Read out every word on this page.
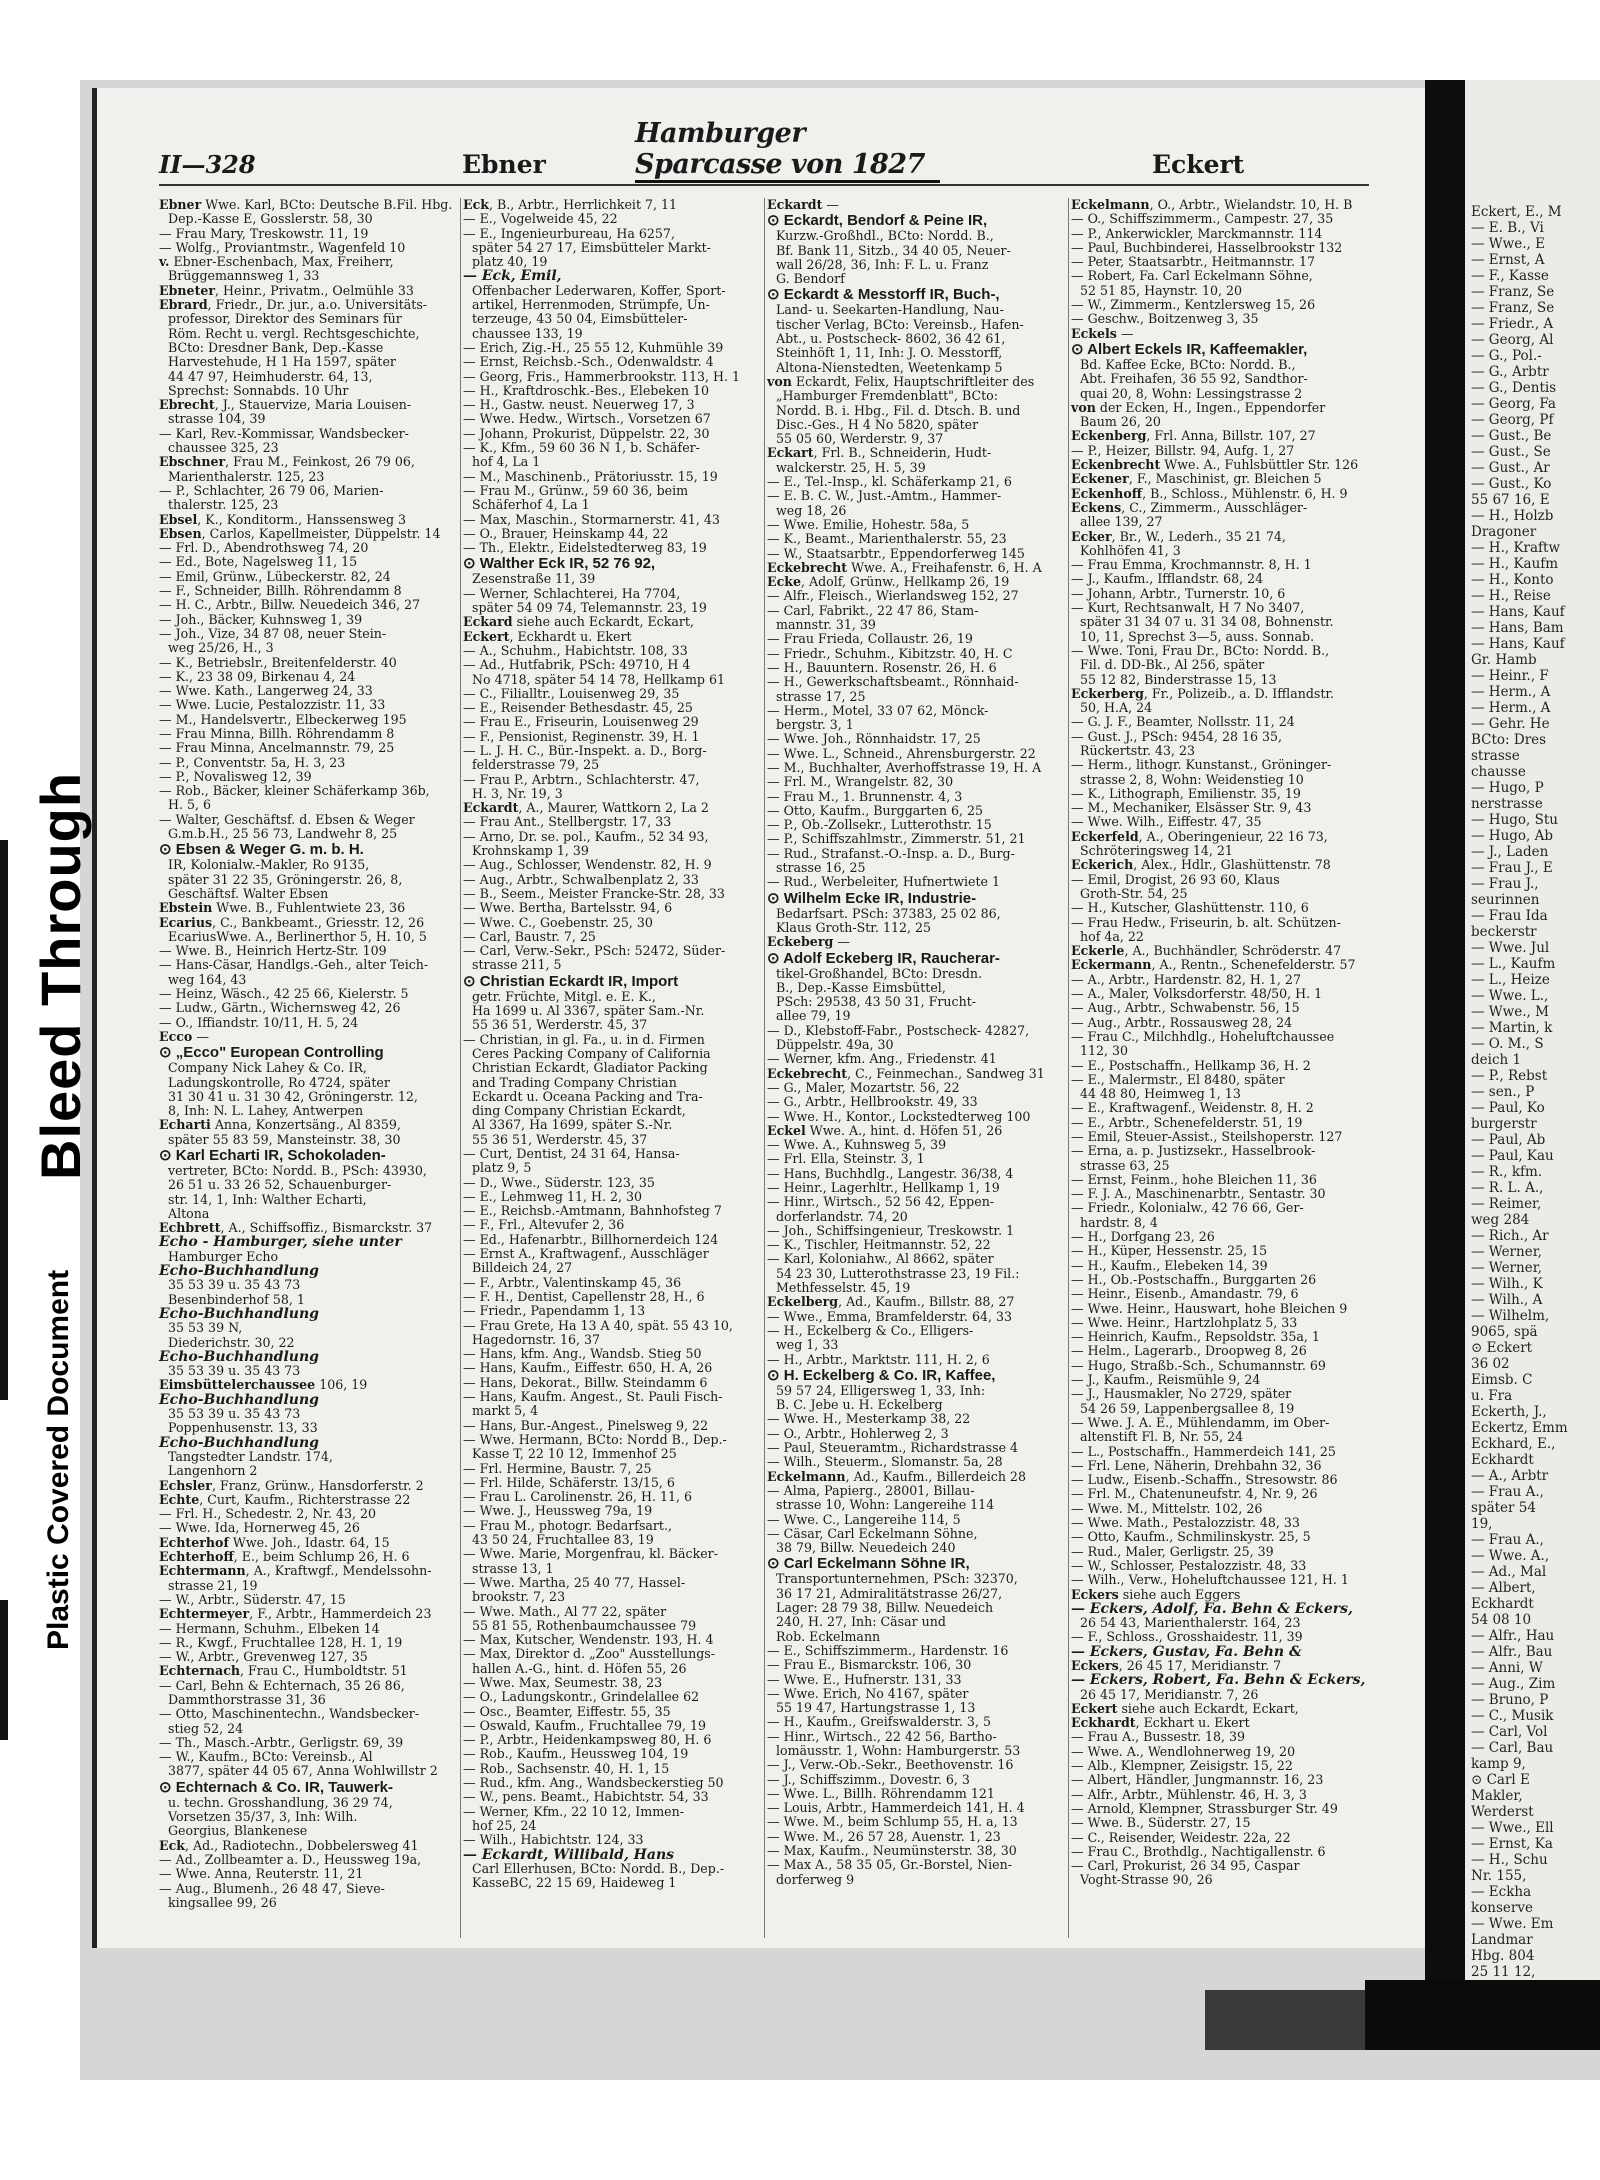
Bleed Through
Plastic Covered Document
II—328	Ebner
Hamburger Sparcasse von 1827	Eckert
Ebner Wwe. Karl, BCto: Deutsche B.Fil. Hbg.
Dep.-Kasse E, Gosslerstr. 58, 30
— Frau Mary, Treskowstr. 11, 19
— Wolfg., Proviantmstr., Wagenfeld 10
v. Ebner-Eschenbach, Max, Freiherr,
Brüggemannsweg 1, 33
Ebneter, Heinr., Privatm., Oelmühle 33
Ebrard, Friedr., Dr. jur., a.o. Universitäts-
professor, Direktor des Seminars für
Röm. Recht u. vergl. Rechtsgeschichte,
BCto: Dresdner Bank, Dep.-Kasse
Harvestehude, H 1 Ha 1597, später
44 47 97, Heimhuderstr. 64, 13,
Sprechst: Sonnabds. 10 Uhr
Ebrecht, J., Stauervize, Maria Louisen-
strasse 104, 39
— Karl, Rev.-Kommissar, Wandsbecker-
chaussee 325, 23
Ebschner, Frau M., Feinkost, 26 79 06,
Marienthalerstr. 125, 23
— P., Schlachter, 26 79 06, Marien-
thalerstr. 125, 23
Ebsel, K., Konditorm., Hanssensweg 3
Ebsen, Carlos, Kapellmeister, Düppelstr. 14
— Frl. D., Abendrothsweg 74, 20
— Ed., Bote, Nagelsweg 11, 15
— Emil, Grünw., Lübeckerstr. 82, 24
— F., Schneider, Billh. Röhrendamm 8
— H. C., Arbtr., Billw. Neuedeich 346, 27
— Joh., Bäcker, Kuhnsweg 1, 39
— Joh., Vize, 34 87 08, neuer Stein-
weg 25/26, H., 3
— K., Betriebslr., Breitenfelderstr. 40
— K., 23 38 09, Birkenau 4, 24
— Wwe. Kath., Langerweg 24, 33
— Wwe. Lucie, Pestalozzistr. 11, 33
— M., Handelsvertr., Elbeckerweg 195
— Frau Minna, Billh. Röhrendamm 8
— Frau Minna, Ancelmannstr. 79, 25
— P., Conventstr. 5a, H. 3, 23
— P., Novalisweg 12, 39
— Rob., Bäcker, kleiner Schäferkamp 36b,
H. 5, 6
— Walter, Geschäftsf. d. Ebsen & Weger
G.m.b.H., 25 56 73, Landwehr 8, 25
⊙ Ebsen & Weger G. m. b. H.
IR, Kolonialw.-Makler, Ro 9135,
später 31 22 35, Gröningerstr. 26, 8,
Geschäftsf. Walter Ebsen
Ebstein Wwe. B., Fuhlentwiete 23, 36
Ecarius, C., Bankbeamt., Griesstr. 12, 26
EcariusWwe. A., Berlinerthor 5, H. 10, 5
— Wwe. B., Heinrich Hertz-Str. 109
— Hans-Cäsar, Handlgs.-Geh., alter Teich-
weg 164, 43
— Heinz, Wäsch., 42 25 66, Kielerstr. 5
— Ludw., Gärtn., Wichernsweg 42, 26
— O., Iffiandstr. 10/11, H. 5, 24
Ecco —
⊙ „Ecco" European Controlling
Company Nick Lahey & Co. IR,
Ladungskontrolle, Ro 4724, später
31 30 41 u. 31 30 42, Gröningerstr. 12,
8, Inh: N. L. Lahey, Antwerpen
Echarti Anna, Konzertsäng., Al 8359,
später 55 83 59, Mansteinstr. 38, 30
⊙ Karl Echarti IR, Schokoladen-
vertreter, BCto: Nordd. B., PSch: 43930,
26 51 u. 33 26 52, Schauenburger-
str. 14, 1, Inh: Walther Echarti,
Altona
Echbrett, A., Schiffsoffiz., Bismarckstr. 37
Echo - Hamburger, siehe unter
Hamburger Echo
Echo-Buchhandlung
35 53 39 u. 35 43 73
Besenbinderhof 58, 1
Echo-Buchhandlung
35 53 39 N,
Diederichstr. 30, 22
Echo-Buchhandlung
35 53 39 u. 35 43 73
Eimsbüttelerchaussee 106, 19
Echo-Buchhandlung
35 53 39 u. 35 43 73
Poppenhusenstr. 13, 33
Echo-Buchhandlung
Tangstedter Landstr. 174,
Langenhorn 2
Echsler, Franz, Grünw., Hansdorferstr. 2
Echte, Curt, Kaufm., Richterstrasse 22
— Frl. H., Schedestr. 2, Nr. 43, 20
— Wwe. Ida, Hornerweg 45, 26
Echterhof Wwe. Joh., Idastr. 64, 15
Echterhoff, E., beim Schlump 26, H. 6
Echtermann, A., Kraftwgf., Mendelssohn-
strasse 21, 19
— W., Arbtr., Süderstr. 47, 15
Echtermeyer, F., Arbtr., Hammerdeich 23
— Hermann, Schuhm., Elbeken 14
— R., Kwgf., Fruchtallee 128, H. 1, 19
— W., Arbtr., Grevenweg 127, 35
Echternach, Frau C., Humboldtstr. 51
— Carl, Behn & Echternach, 35 26 86,
Dammthorstrasse 31, 36
— Otto, Maschinentechn., Wandsbecker-
stieg 52, 24
— Th., Masch.-Arbtr., Gerligstr. 69, 39
— W., Kaufm., BCto: Vereinsb., Al
3877, später 44 05 67, Anna Wohlwillstr 2
⊙ Echternach & Co. IR, Tauwerk-
u. techn. Grosshandlung, 36 29 74,
Vorsetzen 35/37, 3, Inh: Wilh.
Georgius, Blankenese
Eck, Ad., Radiotechn., Dobbelersweg 41
— Ad., Zollbeamter a. D., Heussweg 19a,
— Wwe. Anna, Reuterstr. 11, 21
— Aug., Blumenh., 26 48 47, Sieve-
kingsallee 99, 26
Eck, B., Arbtr., Herrlichkeit 7, 11
— E., Vogelweide 45, 22
— E., Ingenieurbureau, Ha 6257,
später 54 27 17, Eimsbütteler Markt-
platz 40, 19
— Eck, Emil,
Offenbacher Lederwaren, Koffer, Sport-
artikel, Herrenmoden, Strümpfe, Un-
terzeuge, 43 50 04, Eimsbütteler-
chaussee 133, 19
— Erich, Zig.-H., 25 55 12, Kuhmühle 39
— Ernst, Reichsb.-Sch., Odenwaldstr. 4
— Georg, Fris., Hammerbrookstr. 113, H. 1
— H., Kraftdroschk.-Bes., Elebeken 10
— H., Gastw. neust. Neuerweg 17, 3
— Wwe. Hedw., Wirtsch., Vorsetzen 67
— Johann, Prokurist, Düppelstr. 22, 30
— K., Kfm., 59 60 36 N 1, b. Schäfer-
hof 4, La 1
— M., Maschinenb., Prätoriusstr. 15, 19
— Frau M., Grünw., 59 60 36, beim
Schäferhof 4, La 1
— Max, Maschin., Stormarnerstr. 41, 43
— O., Brauer, Heinskamp 44, 22
— Th., Elektr., Eidelstedterweg 83, 19
⊙ Walther Eck IR, 52 76 92,
Zesenstraße 11, 39
— Werner, Schlachterei, Ha 7704,
später 54 09 74, Telemannstr. 23, 19
Eckard siehe auch Eckardt, Eckart,
Eckert, Eckhardt u. Ekert
— A., Schuhm., Habichtstr. 108, 33
— Ad., Hutfabrik, PSch: 49710, H 4
No 4718, später 54 14 78, Hellkamp 61
— C., Filialltr., Louisenweg 29, 35
— E., Reisender Bethesdastr. 45, 25
— Frau E., Friseurin, Louisenweg 29
— F., Pensionist, Reginenstr. 39, H. 1
— L. J. H. C., Bür.-Inspekt. a. D., Borg-
felderstrasse 79, 25
— Frau P., Arbtrn., Schlachterstr. 47,
H. 3, Nr. 19, 3
Eckardt, A., Maurer, Wattkorn 2, La 2
— Frau Ant., Stellbergstr. 17, 33
— Arno, Dr. se. pol., Kaufm., 52 34 93,
Krohnskamp 1, 39
— Aug., Schlosser, Wendenstr. 82, H. 9
— Aug., Arbtr., Schwalbenplatz 2, 33
— B., Seem., Meister Francke-Str. 28, 33
— Wwe. Bertha, Bartelsstr. 94, 6
— Wwe. C., Goebenstr. 25, 30
— Carl, Baustr. 7, 25
— Carl, Verw.-Sekr., PSch: 52472, Süder-
strasse 211, 5
⊙ Christian Eckardt IR, Import
getr. Früchte, Mitgl. e. E. K.,
Ha 1699 u. Al 3367, später Sam.-Nr.
55 36 51, Werderstr. 45, 37
— Christian, in gl. Fa., u. in d. Firmen
Ceres Packing Company of California
Christian Eckardt, Gladiator Packing
and Trading Company Christian
Eckardt u. Oceana Packing and Tra-
ding Company Christian Eckardt,
Al 3367, Ha 1699, später S.-Nr.
55 36 51, Werderstr. 45, 37
— Curt, Dentist, 24 31 64, Hansa-
platz 9, 5
— D., Wwe., Süderstr. 123, 35
— E., Lehmweg 11, H. 2, 30
— E., Reichsb.-Amtmann, Bahnhofsteg 7
— F., Frl., Altevufer 2, 36
— Ed., Hafenarbtr., Billhornerdeich 124
— Ernst A., Kraftwagenf., Ausschläger
Billdeich 24, 27
— F., Arbtr., Valentinskamp 45, 36
— F. H., Dentist, Capellenstr 28, H., 6
— Friedr., Papendamm 1, 13
— Frau Grete, Ha 13 A 40, spät. 55 43 10,
Hagedornstr. 16, 37
— Hans, kfm. Ang., Wandsb. Stieg 50
— Hans, Kaufm., Eiffestr. 650, H. A, 26
— Hans, Dekorat., Billw. Steindamm 6
— Hans, Kaufm. Angest., St. Pauli Fisch-
markt 5, 4
— Hans, Bur.-Angest., Pinelsweg 9, 22
— Wwe. Hermann, BCto: Nordd B., Dep.-
Kasse T, 22 10 12, Immenhof 25
— Frl. Hermine, Baustr. 7, 25
— Frl. Hilde, Schäferstr. 13/15, 6
— Frau L. Carolinenstr. 26, H. 11, 6
— Wwe. J., Heussweg 79a, 19
— Frau M., photogr. Bedarfsart.,
43 50 24, Fruchtallee 83, 19
— Wwe. Marie, Morgenfrau, kl. Bäcker-
strasse 13, 1
— Wwe. Martha, 25 40 77, Hassel-
brookstr. 7, 23
— Wwe. Math., Al 77 22, später
55 81 55, Rothenbaumchaussee 79
— Max, Kutscher, Wendenstr. 193, H. 4
— Max, Direktor d. „Zoo" Ausstellungs-
hallen A.-G., hint. d. Höfen 55, 26
— Wwe. Max, Seumestr. 38, 23
— O., Ladungskontr., Grindelallee 62
— Osc., Beamter, Eiffestr. 55, 35
— Oswald, Kaufm., Fruchtallee 79, 19
— P., Arbtr., Heidenkampsweg 80, H. 6
— Rob., Kaufm., Heussweg 104, 19
— Rob., Sachsenstr. 40, H. 1, 15
— Rud., kfm. Ang., Wandsbeckerstieg 50
— W., pens. Beamt., Habichtstr. 54, 33
— Werner, Kfm., 22 10 12, Immen-
hof 25, 24
— Wilh., Habichtstr. 124, 33
— Eckardt, Willibald, Hans
Carl Ellerhusen, BCto: Nordd. B., Dep.-
KasseBC, 22 15 69, Haideweg 1
Eckardt —
⊙ Eckardt, Bendorf & Peine IR,
Kurzw.-Großhdl., BCto: Nordd. B.,
Bf. Bank 11, Sitzb., 34 40 05, Neuer-
wall 26/28, 36, Inh: F. L. u. Franz
G. Bendorf
⊙ Eckardt & Messtorff IR, Buch-,
Land- u. Seekarten-Handlung, Nau-
tischer Verlag, BCto: Vereinsb., Hafen-
Abt., u. Postscheck- 8602, 36 42 61,
Steinhöft 1, 11, Inh: J. O. Messtorff,
Altona-Nienstedten, Weetenkamp 5
von Eckardt, Felix, Hauptschriftleiter des
„Hamburger Fremdenblatt", BCto:
Nordd. B. i. Hbg., Fil. d. Dtsch. B. und
Disc.-Ges., H 4 No 5820, später
55 05 60, Werderstr. 9, 37
Eckart, Frl. B., Schneiderin, Hudt-
walckerstr. 25, H. 5, 39
— E., Tel.-Insp., kl. Schäferkamp 21, 6
— E. B. C. W., Just.-Amtm., Hammer-
weg 18, 26
— Wwe. Emilie, Hohestr. 58a, 5
— K., Beamt., Marienthalerstr. 55, 23
— W., Staatsarbtr., Eppendorferweg 145
Eckebrecht Wwe. A., Freihafenstr. 6, H. A
Ecke, Adolf, Grünw., Hellkamp 26, 19
— Alfr., Fleisch., Wierlandsweg 152, 27
— Carl, Fabrikt., 22 47 86, Stam-
mannstr. 31, 39
— Frau Frieda, Collaustr. 26, 19
— Friedr., Schuhm., Kibitzstr. 40, H. C
— H., Bauuntern. Rosenstr. 26, H. 6
— H., Gewerkschaftsbeamt., Rönnhaid-
strasse 17, 25
— Herm., Motel, 33 07 62, Mönck-
bergstr. 3, 1
— Wwe. Joh., Rönnhaidstr. 17, 25
— Wwe. L., Schneid., Ahrensburgerstr. 22
— M., Buchhalter, Averhoffstrasse 19, H. A
— Frl. M., Wrangelstr. 82, 30
— Frau M., 1. Brunnenstr. 4, 3
— Otto, Kaufm., Burggarten 6, 25
— P., Ob.-Zollsekr., Lutterothstr. 15
— P., Schiffszahlmstr., Zimmerstr. 51, 21
— Rud., Strafanst.-O.-Insp. a. D., Burg-
strasse 16, 25
— Rud., Werbeleiter, Hufnertwiete 1
⊙ Wilhelm Ecke IR, Industrie-
Bedarfsart. PSch: 37383, 25 02 86,
Klaus Groth-Str. 112, 25
Eckeberg —
⊙ Adolf Eckeberg IR, Raucherar-
tikel-Großhandel, BCto: Dresdn.
B., Dep.-Kasse Eimsbüttel,
PSch: 29538, 43 50 31, Frucht-
allee 79, 19
— D., Klebstoff-Fabr., Postscheck- 42827,
Düppelstr. 49a, 30
— Werner, kfm. Ang., Friedenstr. 41
Eckebrecht, C., Feinmechan., Sandweg 31
— G., Maler, Mozartstr. 56, 22
— G., Arbtr., Hellbrookstr. 49, 33
— Wwe. H., Kontor., Lockstedterweg 100
Eckel Wwe. A., hint. d. Höfen 51, 26
— Wwe. A., Kuhnsweg 5, 39
— Frl. Ella, Steinstr. 3, 1
— Hans, Buchhdlg., Langestr. 36/38, 4
— Heinr., Lagerhltr., Hellkamp 1, 19
— Hinr., Wirtsch., 52 56 42, Eppen-
dorferlandstr. 74, 20
— Joh., Schiffsingenieur, Treskowstr. 1
— K., Tischler, Heitmannstr. 52, 22
— Karl, Koloniahw., Al 8662, später
54 23 30, Lutterothstrasse 23, 19 Fil.:
Methfesselstr. 45, 19
Eckelberg, Ad., Kaufm., Billstr. 88, 27
— Wwe., Emma, Bramfelderstr. 64, 33
— H., Eckelberg & Co., Elligers-
weg 1, 33
— H., Arbtr., Marktstr. 111, H. 2, 6
⊙ H. Eckelberg & Co. IR, Kaffee,
59 57 24, Elligersweg 1, 33, Inh:
B. C. Jebe u. H. Eckelberg
— Wwe. H., Mesterkamp 38, 22
— O., Arbtr., Hohlerweg 2, 3
— Paul, Steueramtm., Richardstrasse 4
— Wilh., Steuerm., Slomanstr. 5a, 28
Eckelmann, Ad., Kaufm., Billerdeich 28
— Alma, Papierg., 28001, Billau-
strasse 10, Wohn: Langereihe 114
— Wwe. C., Langereihe 114, 5
— Cäsar, Carl Eckelmann Söhne,
38 79, Billw. Neuedeich 240
⊙ Carl Eckelmann Söhne IR,
Transportunternehmen, PSch: 32370,
36 17 21, Admiralitätstrasse 26/27,
Lager: 28 79 38, Billw. Neuedeich
240, H. 27, Inh: Cäsar und
Rob. Eckelmann
— E., Schiffszimmerm., Hardenstr. 16
— Frau E., Bismarckstr. 106, 30
— Wwe. E., Hufnerstr. 131, 33
— Wwe. Erich, No 4167, später
55 19 47, Hartungstrasse 1, 13
— H., Kaufm., Greifswalderstr. 3, 5
— Hinr., Wirtsch., 22 42 56, Bartho-
lomäusstr. 1, Wohn: Hamburgerstr. 53
— J., Verw.-Ob.-Sekr., Beethovenstr. 16
— J., Schiffszimm., Dovestr. 6, 3
— Wwe. L., Billh. Röhrendamm 121
— Louis, Arbtr., Hammerdeich 141, H. 4
— Wwe. M., beim Schlump 55, H. a, 13
— Wwe. M., 26 57 28, Auenstr. 1, 23
— Max, Kaufm., Neumünsterstr. 38, 30
— Max A., 58 35 05, Gr.-Borstel, Nien-
dorferweg 9
Eckelmann, O., Arbtr., Wielandstr. 10, H. B
— O., Schiffszimmerm., Campestr. 27, 35
— P., Ankerwickler, Marckmannstr. 114
— Paul, Buchbinderei, Hasselbrookstr 132
— Peter, Staatsarbtr., Heitmannstr. 17
— Robert, Fa. Carl Eckelmann Söhne,
52 51 85, Haynstr. 10, 20
— W., Zimmerm., Kentzlersweg 15, 26
— Geschw., Boitzenweg 3, 35
Eckels —
⊙ Albert Eckels IR, Kaffeemakler,
Bd. Kaffee Ecke, BCto: Nordd. B.,
Abt. Freihafen, 36 55 92, Sandthor-
quai 20, 8, Wohn: Lessingstrasse 2
von der Ecken, H., Ingen., Eppendorfer
Baum 26, 20
Eckenberg, Frl. Anna, Billstr. 107, 27
— P., Heizer, Billstr. 94, Aufg. 1, 27
Eckenbrecht Wwe. A., Fuhlsbüttler Str. 126
Eckener, F., Maschinist, gr. Bleichen 5
Eckenhoff, B., Schloss., Mühlenstr. 6, H. 9
Eckens, C., Zimmerm., Ausschläger-
allee 139, 27
Ecker, Br., W., Lederh., 35 21 74,
Kohlhöfen 41, 3
— Frau Emma, Krochmannstr. 8, H. 1
— J., Kaufm., Ifflandstr. 68, 24
— Johann, Arbtr., Turnerstr. 10, 6
— Kurt, Rechtsanwalt, H 7 No 3407,
später 31 34 07 u. 31 34 08, Bohnenstr.
10, 11, Sprechst 3—5, auss. Sonnab.
— Wwe. Toni, Frau Dr., BCto: Nordd. B.,
Fil. d. DD-Bk., Al 256, später
55 12 82, Binderstrasse 15, 13
Eckerberg, Fr., Polizeib., a. D. Ifflandstr.
50, H.A, 24
— G. J. F., Beamter, Nollsstr. 11, 24
— Gust. J., PSch: 9454, 28 16 35,
Rückertstr. 43, 23
— Herm., lithogr. Kunstanst., Gröninger-
strasse 2, 8, Wohn: Weidenstieg 10
— K., Lithograph, Emilienstr. 35, 19
— M., Mechaniker, Elsässer Str. 9, 43
— Wwe. Wilh., Eiffestr. 47, 35
Eckerfeld, A., Oberingenieur, 22 16 73,
Schröteringsweg 14, 21
Eckerich, Alex., Hdlr., Glashüttenstr. 78
— Emil, Drogist, 26 93 60, Klaus
Groth-Str. 54, 25
— H., Kutscher, Glashüttenstr. 110, 6
— Frau Hedw., Friseurin, b. alt. Schützen-
hof 4a, 22
Eckerle, A., Buchhändler, Schröderstr. 47
Eckermann, A., Rentn., Schenefelderstr. 57
— A., Arbtr., Hardenstr. 82, H. 1, 27
— A., Maler, Volksdorferstr. 48/50, H. 1
— Aug., Arbtr., Schwabenstr. 56, 15
— Aug., Arbtr., Rossausweg 28, 24
— Frau C., Milchhdlg., Hoheluftchaussee
112, 30
— E., Postschaffn., Hellkamp 36, H. 2
— E., Malermstr., El 8480, später
44 48 80, Heimweg 1, 13
— E., Kraftwagenf., Weidenstr. 8, H. 2
— E., Arbtr., Schenefelderstr. 51, 19
— Emil, Steuer-Assist., Steilshoperstr. 127
— Erna, a. p. Justizsekr., Hasselbrook-
strasse 63, 25
— Ernst, Feinm., hohe Bleichen 11, 36
— F. J. A., Maschinenarbtr., Sentastr. 30
— Friedr., Kolonialw., 42 76 66, Ger-
hardstr. 8, 4
— H., Dorfgang 23, 26
— H., Küper, Hessenstr. 25, 15
— H., Kaufm., Elebeken 14, 39
— H., Ob.-Postschaffn., Burggarten 26
— Heinr., Eisenb., Amandastr. 79, 6
— Wwe. Heinr., Hauswart, hohe Bleichen 9
— Wwe. Heinr., Hartzlohplatz 5, 33
— Heinrich, Kaufm., Repsoldstr. 35a, 1
— Helm., Lagerarb., Droopweg 8, 26
— Hugo, Straßb.-Sch., Schumannstr. 69
— J., Kaufm., Reismühle 9, 24
— J., Hausmakler, No 2729, später
54 26 59, Lappenbergsallee 8, 19
— Wwe. J. A. E., Mühlendamm, im Ober-
altenstift Fl. B, Nr. 55, 24
— L., Postschaffn., Hammerdeich 141, 25
— Frl. Lene, Näherin, Drehbahn 32, 36
— Ludw., Eisenb.-Schaffn., Stresowstr. 86
— Frl. M., Chatenuneufstr. 4, Nr. 9, 26
— Wwe. M., Mittelstr. 102, 26
— Wwe. Math., Pestalozzistr. 48, 33
— Otto, Kaufm., Schmilinskystr. 25, 5
— Rud., Maler, Gerligstr. 25, 39
— W., Schlosser, Pestalozzistr. 48, 33
— Wilh., Verw., Hoheluftchaussee 121, H. 1
Eckers siehe auch Eggers
— Eckers, Adolf, Fa. Behn & Eckers,
26 54 43, Marienthalerstr. 164, 23
— F., Schloss., Grosshaidestr. 11, 39
— Eckers, Gustav, Fa. Behn &
Eckers, 26 45 17, Meridianstr. 7
— Eckers, Robert, Fa. Behn & Eckers,
26 45 17, Meridianstr. 7, 26
Eckert siehe auch Eckardt, Eckart,
Eckhardt, Eckhart u. Ekert
— Frau A., Bussestr. 18, 39
— Wwe. A., Wendlohnerweg 19, 20
— Alb., Klempner, Zeisigstr. 15, 22
— Albert, Händler, Jungmannstr. 16, 23
— Alfr., Arbtr., Mühlenstr. 46, H. 3, 3
— Arnold, Klempner, Strassburger Str. 49
— Wwe. B., Süderstr. 27, 15
— C., Reisender, Weidestr. 22a, 22
— Frau C., Brothdlg., Nachtigallenstr. 6
— Carl, Prokurist, 26 34 95, Caspar
Voght-Strasse 90, 26
Eckert, E., M
— E. B., Vi
— Wwe., E
— Ernst, A
— F., Kasse
— Franz, Se
— Franz, Se
— Friedr., A
— Georg, Al
— G., Pol.-
— G., Arbtr
— G., Dentis
— Georg, Fa
— Georg, Pf
— Gust., Be
— Gust., Se
— Gust., Ar
— Gust., Ko
55 67 16, E
— H., Holzb
Dragoner
— H., Kraftw
— H., Kaufm
— H., Konto
— H., Reise
— Hans, Kauf
— Hans, Bam
— Hans, Kauf
Gr. Hamb
— Heinr., F
— Herm., A
— Herm., A
— Gehr. He
BCto: Dres
strasse
chausse
— Hugo, P
nerstrasse
— Hugo, Stu
— Hugo, Ab
— J., Laden
— Frau J., E
— Frau J.,
seurinnen
— Frau Ida
beckerstr
— Wwe. Jul
— L., Kaufm
— L., Heize
— Wwe. L.,
— Wwe., M
— Martin, k
— O. M., S
deich 1
— P., Rebst
— sen., P
— Paul, Ko
burgerstr
— Paul, Ab
— Paul, Kau
— R., kfm.
— R. L. A.,
— Reimer,
weg 284
— Rich., Ar
— Werner,
— Werner,
— Wilh., K
— Wilh., A
— Wilhelm,
9065, spä
⊙ Eckert
36 02
Eimsb. C
u. Fra
Eckerth, J.,
Eckertz, Emm
Eckhard, E.,
Eckhardt
— A., Arbtr
— Frau A.,
später 54
19,
— Frau A.,
— Wwe. A.,
— Ad., Mal
— Albert,
Eckhardt
54 08 10
— Alfr., Hau
— Alfr., Bau
— Anni, W
— Aug., Zim
— Bruno, P
— C., Musik
— Carl, Vol
— Carl, Bau
kamp 9,
⊙ Carl E
Makler,
Werderst
— Wwe., Ell
— Ernst, Ka
— H., Schu
Nr. 155,
— Eckha
konserve
— Wwe. Em
Landmar
Hbg. 804
25 11 12,
